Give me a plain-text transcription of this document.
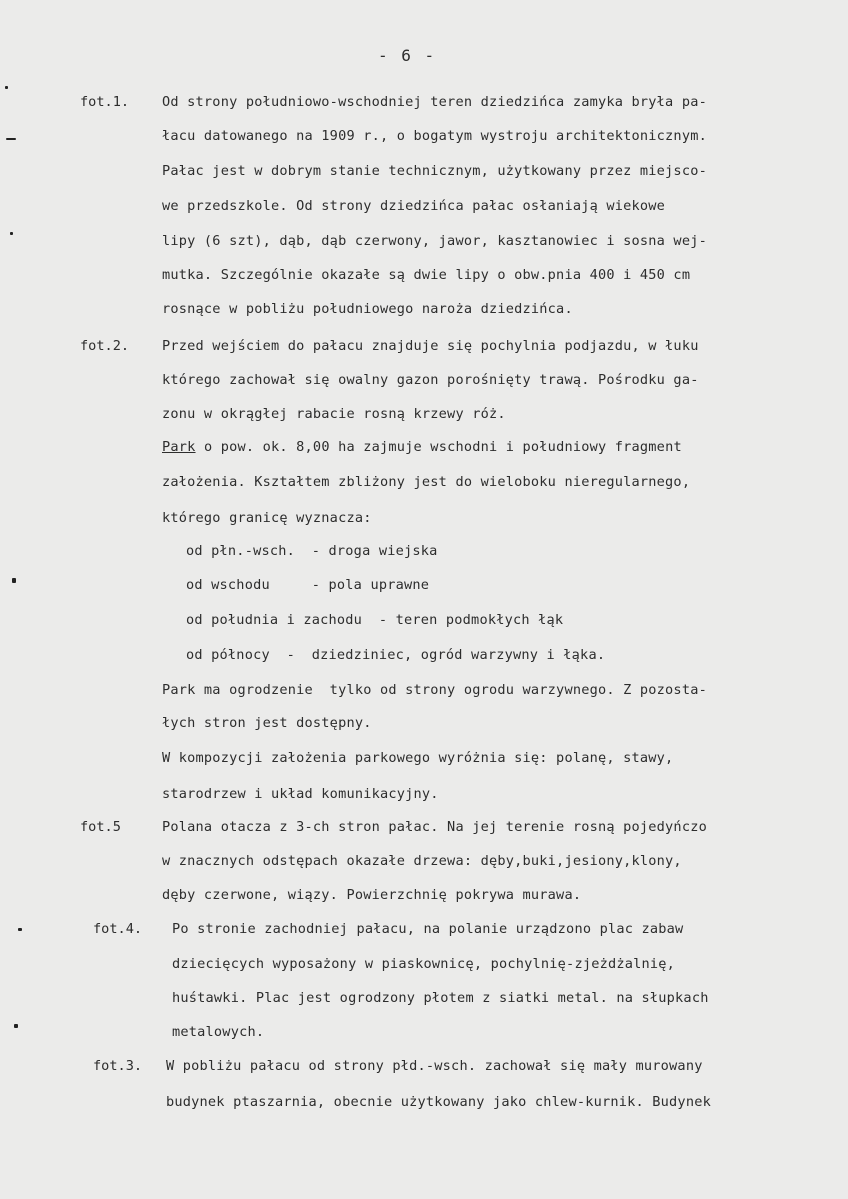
- 6 -
fot.1.
fot.2.
fot.5
fot.4.
fot.3.
Od strony południowo-wschodniej teren dziedzińca zamyka bryła pa-
łacu datowanego na 1909 r., o bogatym wystroju architektonicznym.
Pałac jest w dobrym stanie technicznym, użytkowany przez miejsco-
we przedszkole. Od strony dziedzińca pałac osłaniają wiekowe
lipy (6 szt), dąb, dąb czerwony, jawor, kasztanowiec i sosna wej-
mutka. Szczególnie okazałe są dwie lipy o obw.pnia 400 i 450 cm
rosnące w pobliżu południowego naroża dziedzińca.
Przed wejściem do pałacu znajduje się pochylnia podjazdu, w łuku
którego zachował się owalny gazon porośnięty trawą. Pośrodku ga-
zonu w okrągłej rabacie rosną krzewy róż.
Park o pow. ok. 8,00 ha zajmuje wschodni i południowy fragment
założenia. Kształtem zbliżony jest do wieloboku nieregularnego,
którego granicę wyznacza:
od płn.-wsch.  - droga wiejska
od wschodu     - pola uprawne
od południa i zachodu  - teren podmokłych łąk
od północy  -  dziedziniec, ogród warzywny i łąka.
Park ma ogrodzenie  tylko od strony ogrodu warzywnego. Z pozosta-
łych stron jest dostępny.
W kompozycji założenia parkowego wyróżnia się: polanę, stawy,
starodrzew i układ komunikacyjny.
Polana otacza z 3-ch stron pałac. Na jej terenie rosną pojedyńczo
w znacznych odstępach okazałe drzewa: dęby,buki,jesiony,klony,
dęby czerwone, wiązy. Powierzchnię pokrywa murawa.
Po stronie zachodniej pałacu, na polanie urządzono plac zabaw
dziecięcych wyposażony w piaskownicę, pochylnię-zjeżdżalnię,
huśtawki. Plac jest ogrodzony płotem z siatki metal. na słupkach
metalowych.
W pobliżu pałacu od strony płd.-wsch. zachował się mały murowany
budynek ptaszarnia, obecnie użytkowany jako chlew-kurnik. Budynek
